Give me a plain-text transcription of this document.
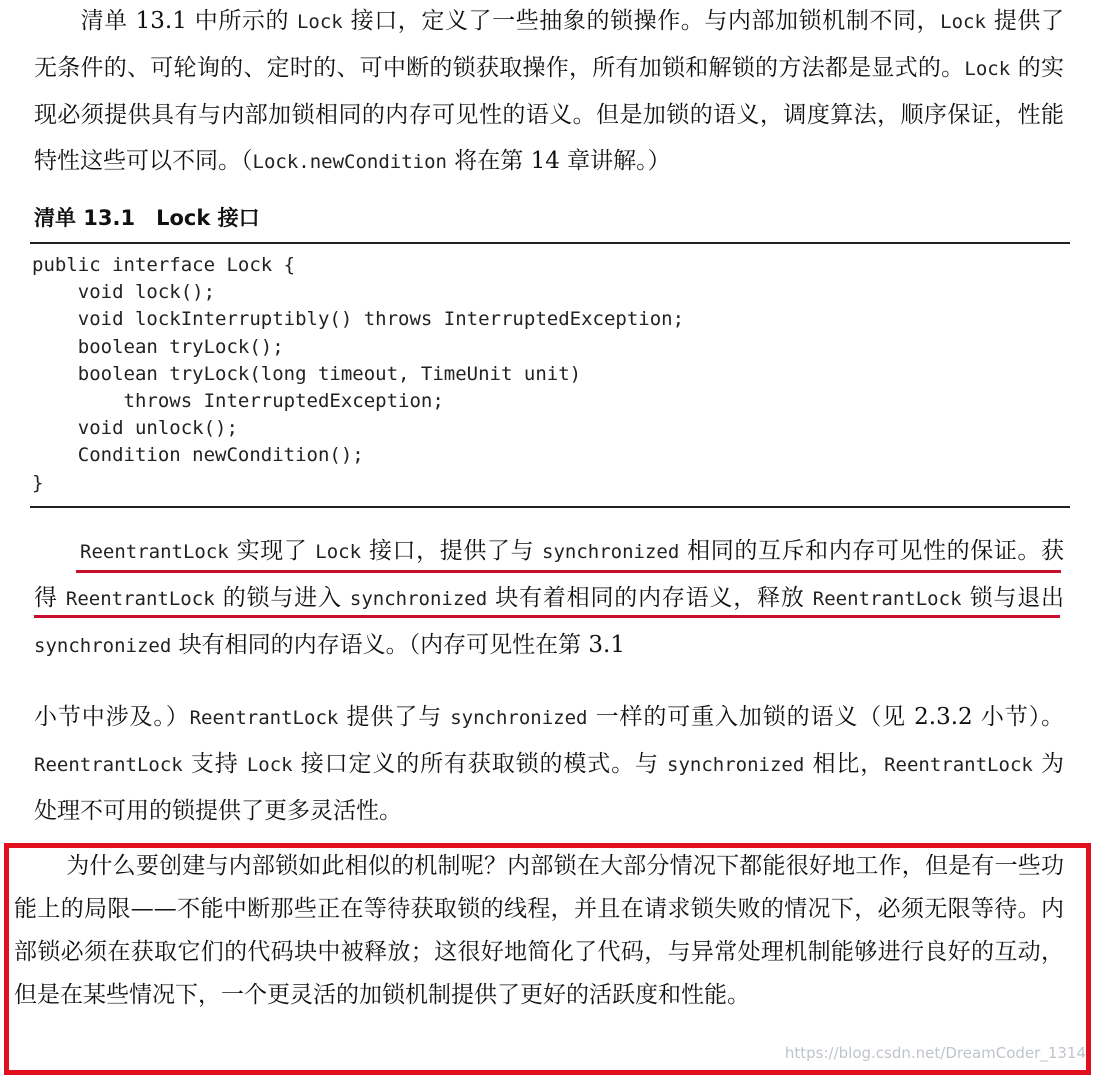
清单 13.1 中所示的 Lock 接口，定义了一些抽象的锁操作。与内部加锁机制不同，Lock 提供了无条件的、可轮询的、定时的、可中断的锁获取操作，所有加锁和解锁的方法都是显式的。Lock 的实现必须提供具有与内部加锁相同的内存可见性的语义。但是加锁的语义，调度算法，顺序保证，性能特性这些可以不同。（Lock.newCondition 将在第 14 章讲解。）
清单 13.1　Lock 接口
public interface Lock {
void lock();
void lockInterruptibly() throws InterruptedException;
boolean tryLock();
boolean tryLock(long timeout, TimeUnit unit)
throws InterruptedException;
void unlock();
Condition newCondition();
}
ReentrantLock 实现了 Lock 接口，提供了与 synchronized 相同的互斥和内存可见性的保证。获得 ReentrantLock 的锁与进入 synchronized 块有着相同的内存语义，释放 ReentrantLock 锁与退出 synchronized 块有相同的内存语义。（内存可见性在第 3.1
小节中涉及。）ReentrantLock 提供了与 synchronized 一样的可重入加锁的语义（见 2.3.2 小节）。ReentrantLock 支持 Lock 接口定义的所有获取锁的模式。与 synchronized 相比，ReentrantLock 为处理不可用的锁提供了更多灵活性。
为什么要创建与内部锁如此相似的机制呢？内部锁在大部分情况下都能很好地工作，但是有一些功能上的局限——不能中断那些正在等待获取锁的线程，并且在请求锁失败的情况下，必须无限等待。内部锁必须在获取它们的代码块中被释放；这很好地简化了代码，与异常处理机制能够进行良好的互动，但是在某些情况下，一个更灵活的加锁机制提供了更好的活跃度和性能。
https://blog.csdn.net/DreamCoder_1314
